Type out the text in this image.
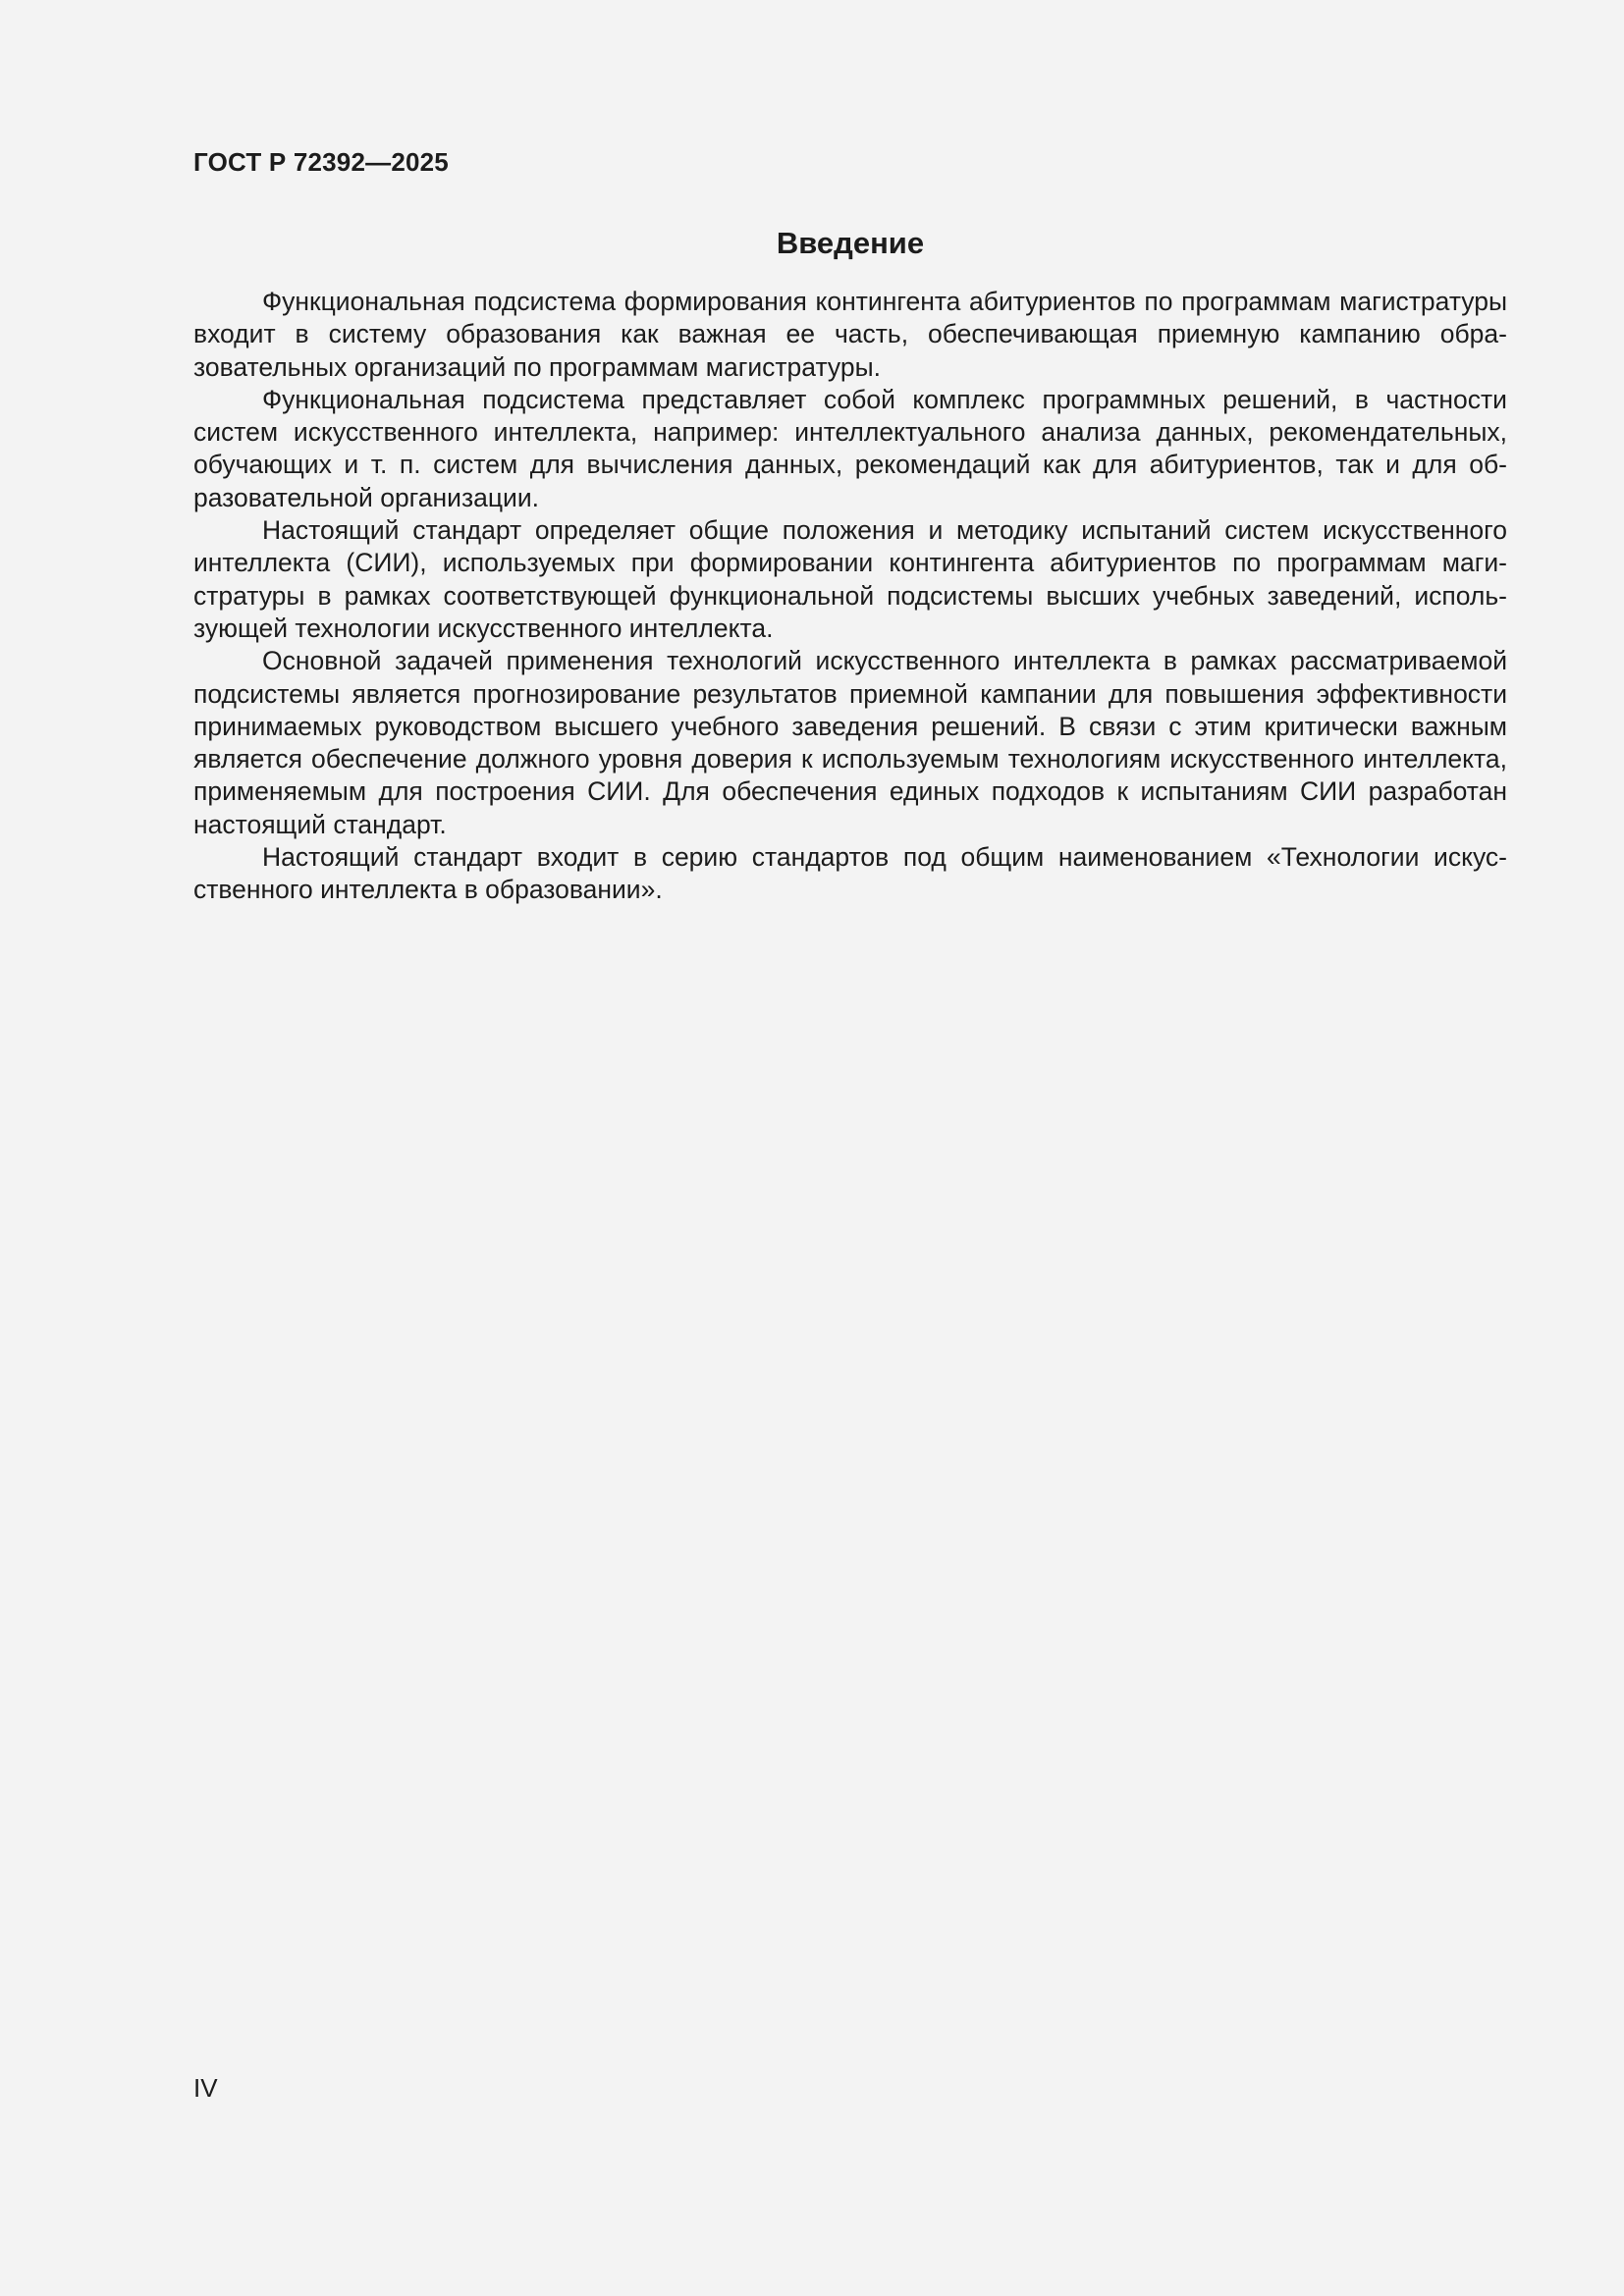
ГОСТ Р 72392—2025
Введение

Функциональная подсистема формирования контингента абитуриентов по программам магистратуры входит в систему образования как важная ее часть, обеспечивающая приемную кампанию образовательных организаций по программам магистратуры.

Функциональная подсистема представляет собой комплекс программных решений, в частности систем искусственного интеллекта, например: интеллектуального анализа данных, рекомендательных, обучающих и т. п. систем для вычисления данных, рекомендаций как для абитуриентов, так и для образовательной организации.

Настоящий стандарт определяет общие положения и методику испытаний систем искусственного интеллекта (СИИ), используемых при формировании контингента абитуриентов по программам магистратуры в рамках соответствующей функциональной подсистемы высших учебных заведений, использующей технологии искусственного интеллекта.

Основной задачей применения технологий искусственного интеллекта в рамках рассматриваемой подсистемы является прогнозирование результатов приемной кампании для повышения эффективности принимаемых руководством высшего учебного заведения решений. В связи с этим критически важным является обеспечение должного уровня доверия к используемым технологиям искусственного интеллекта, применяемым для построения СИИ. Для обеспечения единых подходов к испытаниям СИИ разработан настоящий стандарт.

Настоящий стандарт входит в серию стандартов под общим наименованием «Технологии искусственного интеллекта в образовании».

IV
